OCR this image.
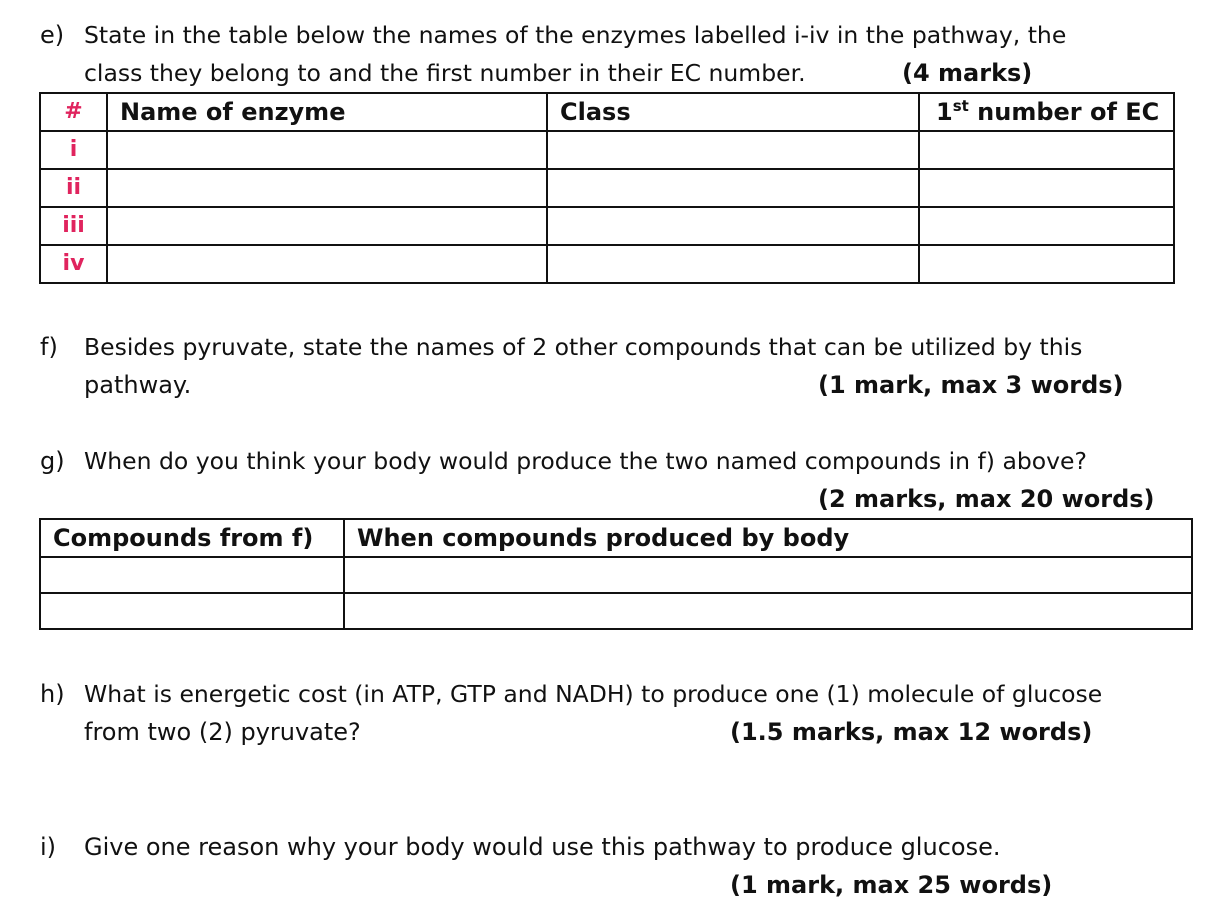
e) State in the table below the names of the enzymes labelled i-iv in the pathway, the
class they belong to and the first number in their EC number.	(4 marks)
#	Name of enzyme	Class	1st number of EC
i			
ii			
iii			
iv			
f) Besides pyruvate, state the names of 2 other compounds that can be utilized by this
pathway.	(1 mark, max 3 words)
g) When do you think your body would produce the two named compounds in f) above?
(2 marks, max 20 words)
Compounds from f)	When compounds produced by body

h) What is energetic cost (in ATP, GTP and NADH) to produce one (1) molecule of glucose
from two (2) pyruvate?	(1.5 marks, max 12 words)
i) Give one reason why your body would use this pathway to produce glucose.
(1 mark, max 25 words)
